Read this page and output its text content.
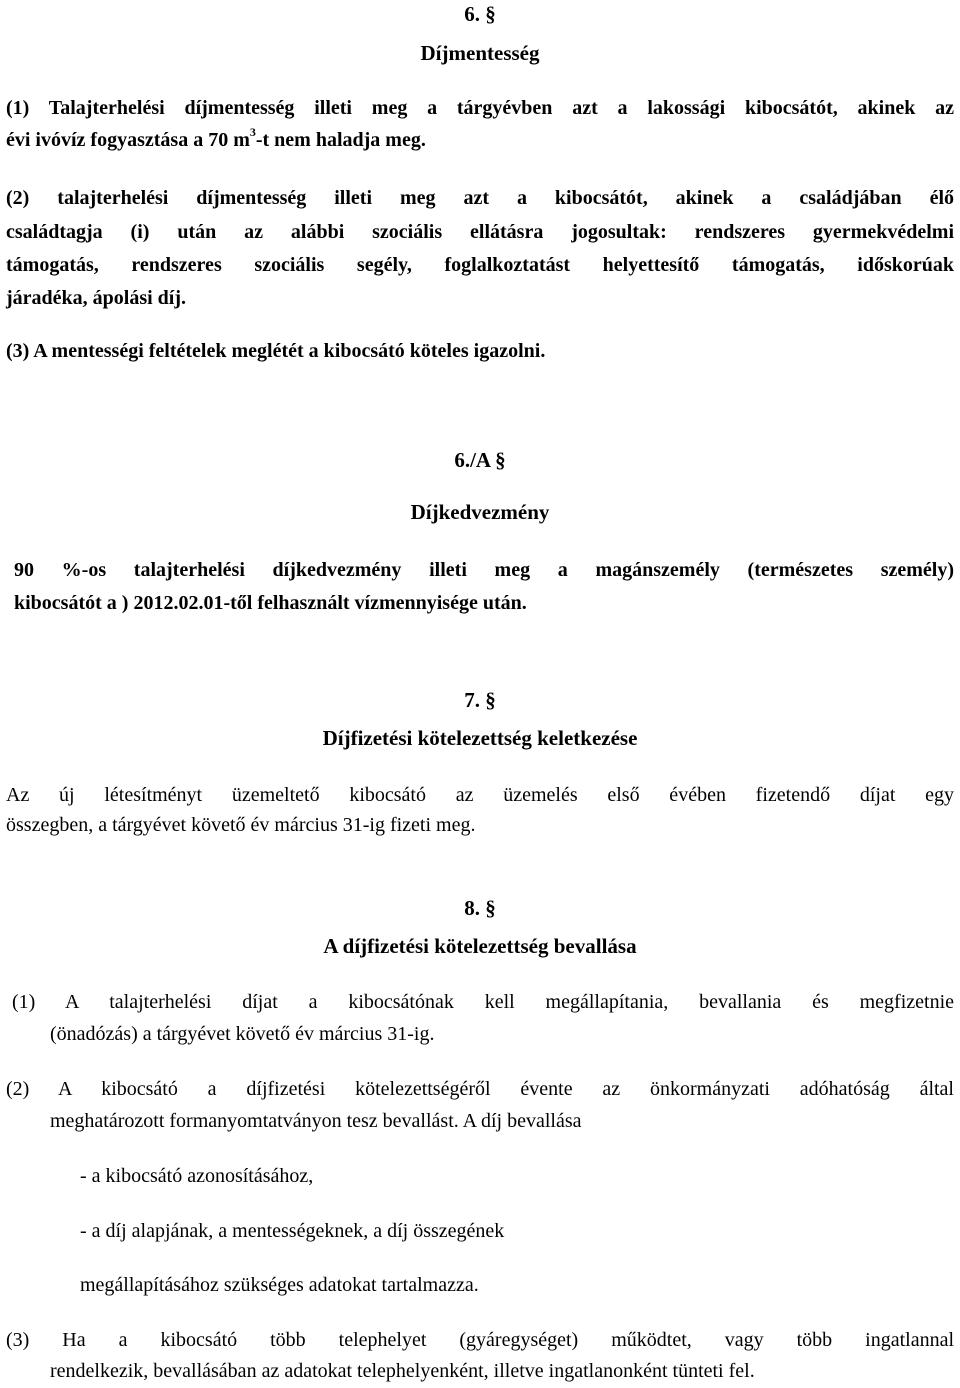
6. §
Díjmentesség
(1) Talajterhelési díjmentesség illeti meg a tárgyévben azt a lakossági kibocsátót, akinek az
évi ivóvíz fogyasztása a 70 $m^3-t$ nem haladja meg.
(2) talajterhelési díjmentesség illeti meg azt a kibocsátót, akinek a családjában élő
családtagja (i) után az alábbi szociális ellátásra jogosultak: rendszeres gyermekvédelmi
támogatás, rendszeres szociális segély, foglalkoztatást helyettesítő támogatás, időskorúak
járadéka, ápolási díj.
(3) A mentességi feltételek meglétét a kibocsátó köteles igazolni.
6./A §
Díjkedvezmény
90 %-os talajterhelési díjkedvezmény illeti meg a magánszemély (természetes személy)
kibocsátót a ) 2012.02.01-től felhasznált vízmennyisége után.
7. §
Díjfizetési kötelezettség keletkezése
Az új létesítményt üzemeltető kibocsátó az üzemelés első évében fizetendő díjat egy
összegben, a tárgyévet követő év március 31-ig fizeti meg.
8. §
A díjfizetési kötelezettség bevallása
(1) A talajterhelési díjat a kibocsátónak kell megállapítania, bevallania és megfizetnie
(önadózás) a tárgyévet követő év március 31-ig.
(2) A kibocsátó a díjfizetési kötelezettségéről évente az önkormányzati adóhatóság által
meghatározott formanyomtatványon tesz bevallást. A díj bevallása
- a kibocsátó azonosításához,
- a díj alapjának, a mentességeknek, a díj összegének
megállapításához szükséges adatokat tartalmazza.
(3) Ha a kibocsátó több telephelyet (gyáregységet) működtet, vagy több ingatlannal
rendelkezik, bevallásában az adatokat telephelyenként, illetve ingatlanonként tünteti fel.
